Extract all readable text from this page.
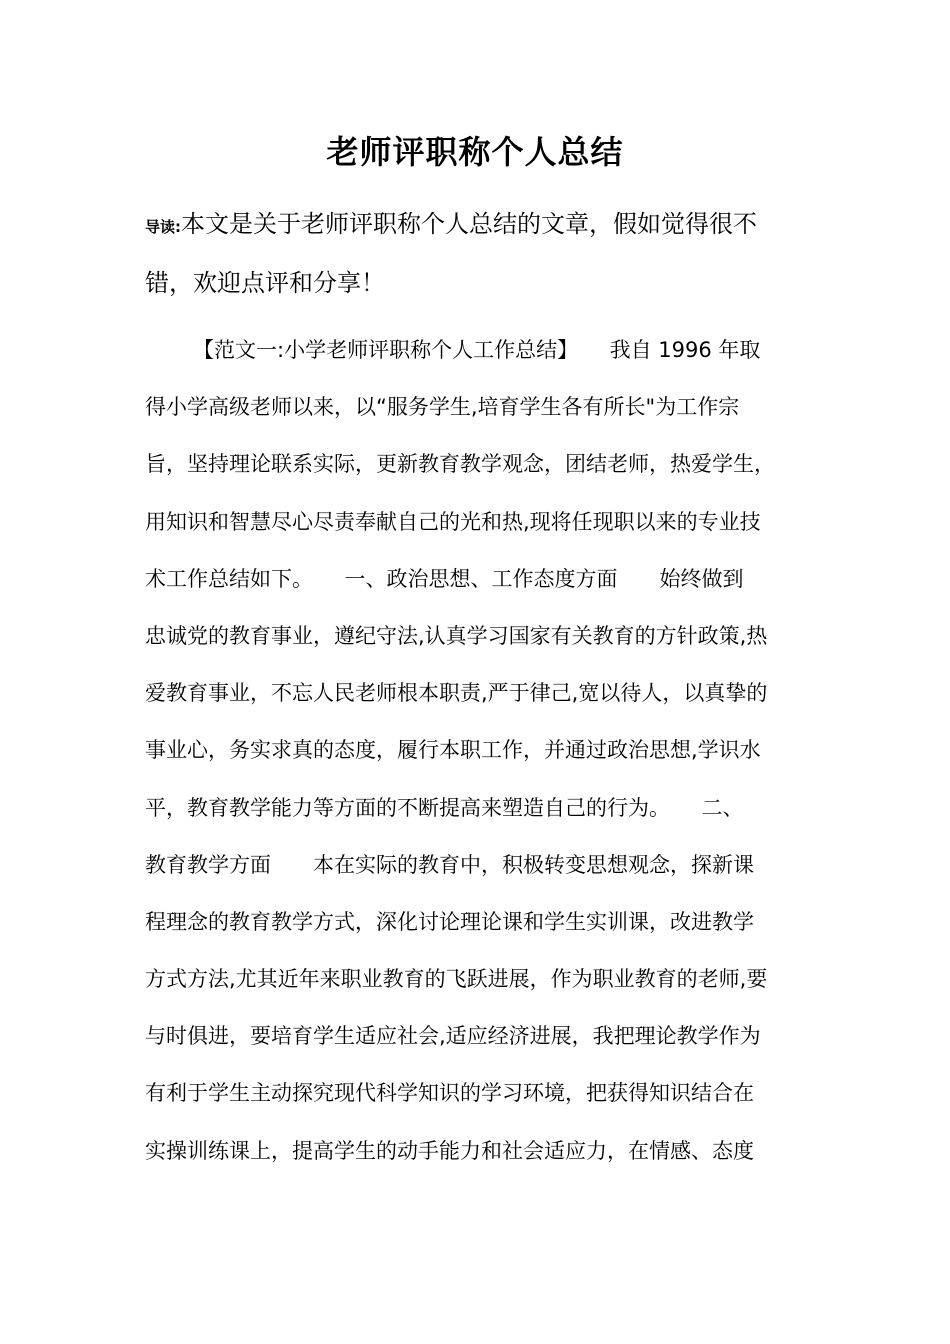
老师评职称个人总结

导读:本文是关于老师评职称个人总结的文章，假如觉得很不
错，欢迎点评和分享！

【范文一:小学老师评职称个人工作总结】　　我自 1996 年取
得小学高级老师以来，以“服务学生,培育学生各有所长"为工作宗
旨，坚持理论联系实际，更新教育教学观念，团结老师，热爱学生，
用知识和智慧尽心尽责奉献自己的光和热,现将任现职以来的专业技
术工作总结如下。　　一、政治思想、工作态度方面　　始终做到
忠诚党的教育事业，遵纪守法,认真学习国家有关教育的方针政策,热
爱教育事业，不忘人民老师根本职责,严于律己,宽以待人，以真挚的
事业心，务实求真的态度，履行本职工作，并通过政治思想,学识水
平，教育教学能力等方面的不断提高来塑造自己的行为。　　二、
教育教学方面　　本在实际的教育中，积极转变思想观念，探新课
程理念的教育教学方式，深化讨论理论课和学生实训课，改进教学
方式方法,尤其近年来职业教育的飞跃进展，作为职业教育的老师,要
与时俱进，要培育学生适应社会,适应经济进展，我把理论教学作为
有利于学生主动探究现代科学知识的学习环境，把获得知识结合在
实操训练课上，提高学生的动手能力和社会适应力，在情感、态度
